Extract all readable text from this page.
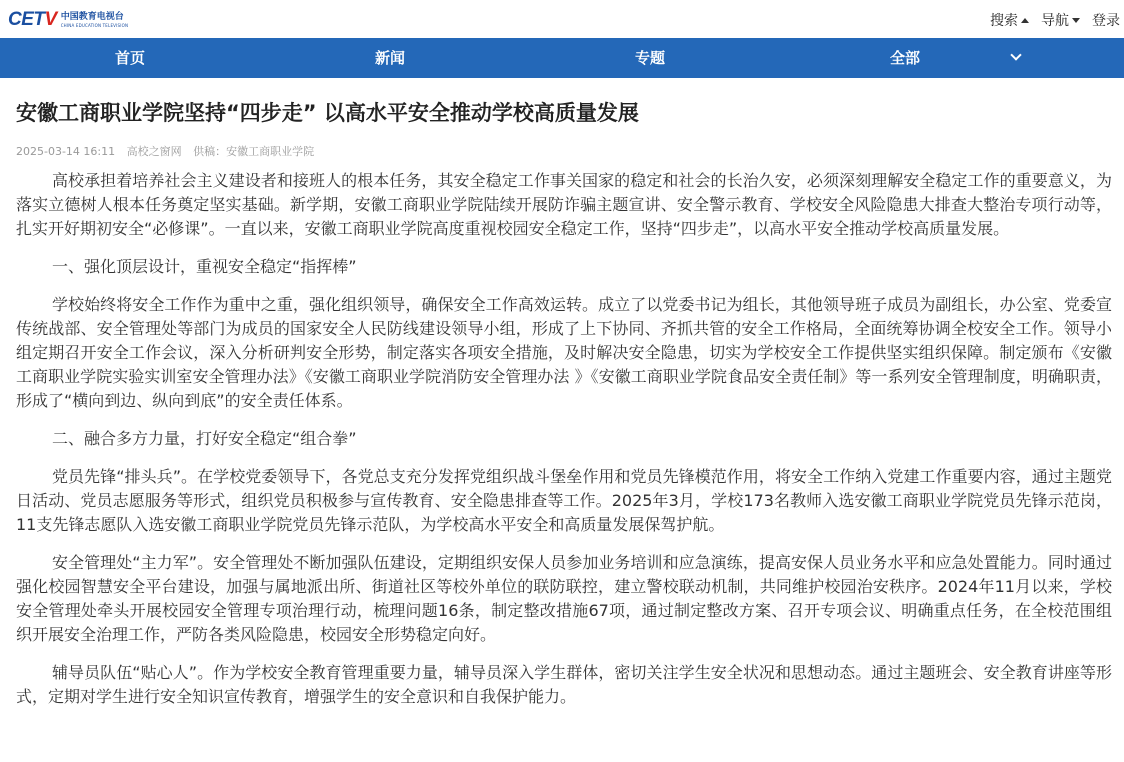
CETV 中国教育电视台
CHINA EDUCATION TELEVISION	搜索 导航 登录
首页	新闻	专题	全部
安徽工商职业学院坚持“四步走” 以高水平安全推动学校高质量发展
2025-03-14 16:11 高校之窗网 供稿：安徽工商职业学院

高校承担着培养社会主义建设者和接班人的根本任务，其安全稳定工作事关国家的稳定和社会的长治久安，必须深刻理解安全稳定工作的重要意义，为落实立德树人根本任务奠定坚实基础。新学期，安徽工商职业学院陆续开展防诈骗主题宣讲、安全警示教育、学校安全风险隐患大排查大整治专项行动等，扎实开好期初安全“必修课”。一直以来，安徽工商职业学院高度重视校园安全稳定工作，坚持“四步走”，以高水平安全推动学校高质量发展。

一、强化顶层设计，重视安全稳定“指挥棒”

学校始终将安全工作作为重中之重，强化组织领导，确保安全工作高效运转。成立了以党委书记为组长，其他领导班子成员为副组长，办公室、党委宣传统战部、安全管理处等部门为成员的国家安全人民防线建设领导小组，形成了上下协同、齐抓共管的安全工作格局，全面统筹协调全校安全工作。领导小组定期召开安全工作会议，深入分析研判安全形势，制定落实各项安全措施，及时解决安全隐患，切实为学校安全工作提供坚实组织保障。制定颁布《安徽工商职业学院实验实训室安全管理办法》《安徽工商职业学院消防安全管理办法 》《安徽工商职业学院食品安全责任制》等一系列安全管理制度，明确职责，形成了“横向到边、纵向到底”的安全责任体系。

二、融合多方力量，打好安全稳定“组合拳”

党员先锋“排头兵”。在学校党委领导下，各党总支充分发挥党组织战斗堡垒作用和党员先锋模范作用，将安全工作纳入党建工作重要内容，通过主题党日活动、党员志愿服务等形式，组织党员积极参与宣传教育、安全隐患排查等工作。2025年3月，学校173名教师入选安徽工商职业学院党员先锋示范岗，11支先锋志愿队入选安徽工商职业学院党员先锋示范队，为学校高水平安全和高质量发展保驾护航。

安全管理处“主力军”。安全管理处不断加强队伍建设，定期组织安保人员参加业务培训和应急演练，提高安保人员业务水平和应急处置能力。同时通过强化校园智慧安全平台建设，加强与属地派出所、街道社区等校外单位的联防联控，建立警校联动机制，共同维护校园治安秩序。2024年11月以来，学校安全管理处牵头开展校园安全管理专项治理行动，梳理问题16条，制定整改措施67项，通过制定整改方案、召开专项会议、明确重点任务，在全校范围组织开展安全治理工作，严防各类风险隐患，校园安全形势稳定向好。

辅导员队伍“贴心人”。作为学校安全教育管理重要力量，辅导员深入学生群体，密切关注学生安全状况和思想动态。通过主题班会、安全教育讲座等形式，定期对学生进行安全知识宣传教育，增强学生的安全意识和自我保护能力。
